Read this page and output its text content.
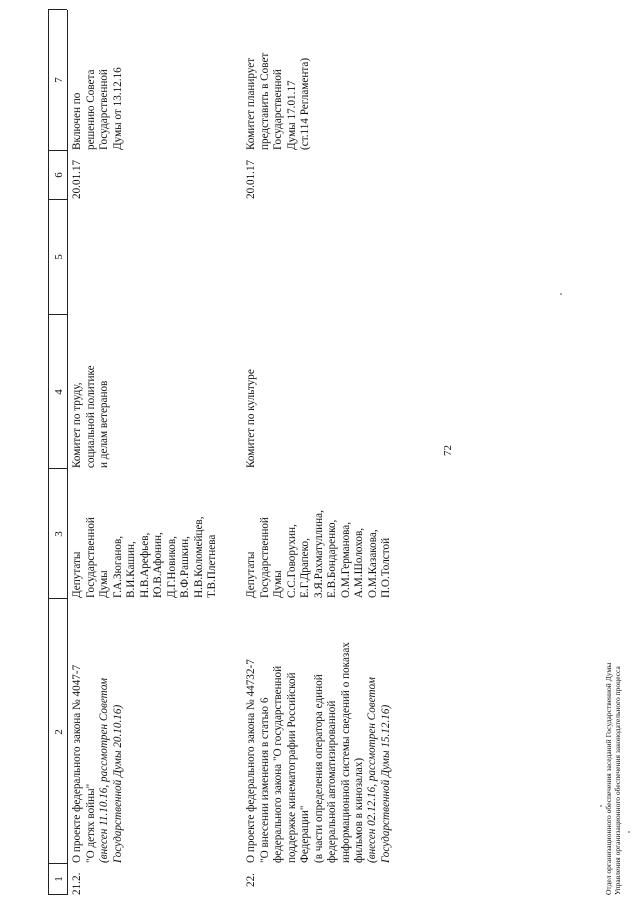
72
1
2
3
4
5
6
7
21.2.
О проекте федерального закона № 4047-7
"О детях войны"
(внесен 11.10.16, рассмотрен Советом
Государственной Думы 20.10.16)
Депутаты
Государственной
Думы
Г.А.Зюганов,
В.И.Кашин,
Н.В.Арефьев,
Ю.В.Афонин,
Д.Г.Новиков,
В.Ф.Рашкин,
Н.В.Коломейцев,
Т.В.Плетнева
Комитет по труду,
социальной политике
и делам ветеранов
20.01.17
Включен по
решению Совета
Государственной
Думы от 13.12.16
22.
О проекте федерального закона № 44732-7
"О внесении изменения в статью 6
федерального закона "О государственной
поддержке кинематографии Российской
Федерации"
(в части определения оператора единой
федеральной автоматизированной
информационной системы сведений о показах
фильмов в кинозалах)
(внесен 02.12.16, рассмотрен Советом
Государственной Думы 15.12.16)
Депутаты
Государственной
Думы
С.С.Говорухин,
Е.Г.Драпеко,
З.Я.Рахматуллина,
Е.В.Бондаренко,
О.М.Германова,
А.М.Шолохов,
О.М.Казакова,
П.О.Толстой
Комитет по культуре
20.01.17
Комитет планирует
представить в Совет
Государственной
Думы 17.01.17
(ст.114 Регламента)
Отдел организационного обеспечения заседаний Государственной Думы Управления организационного обеспечения законодательного процесса
